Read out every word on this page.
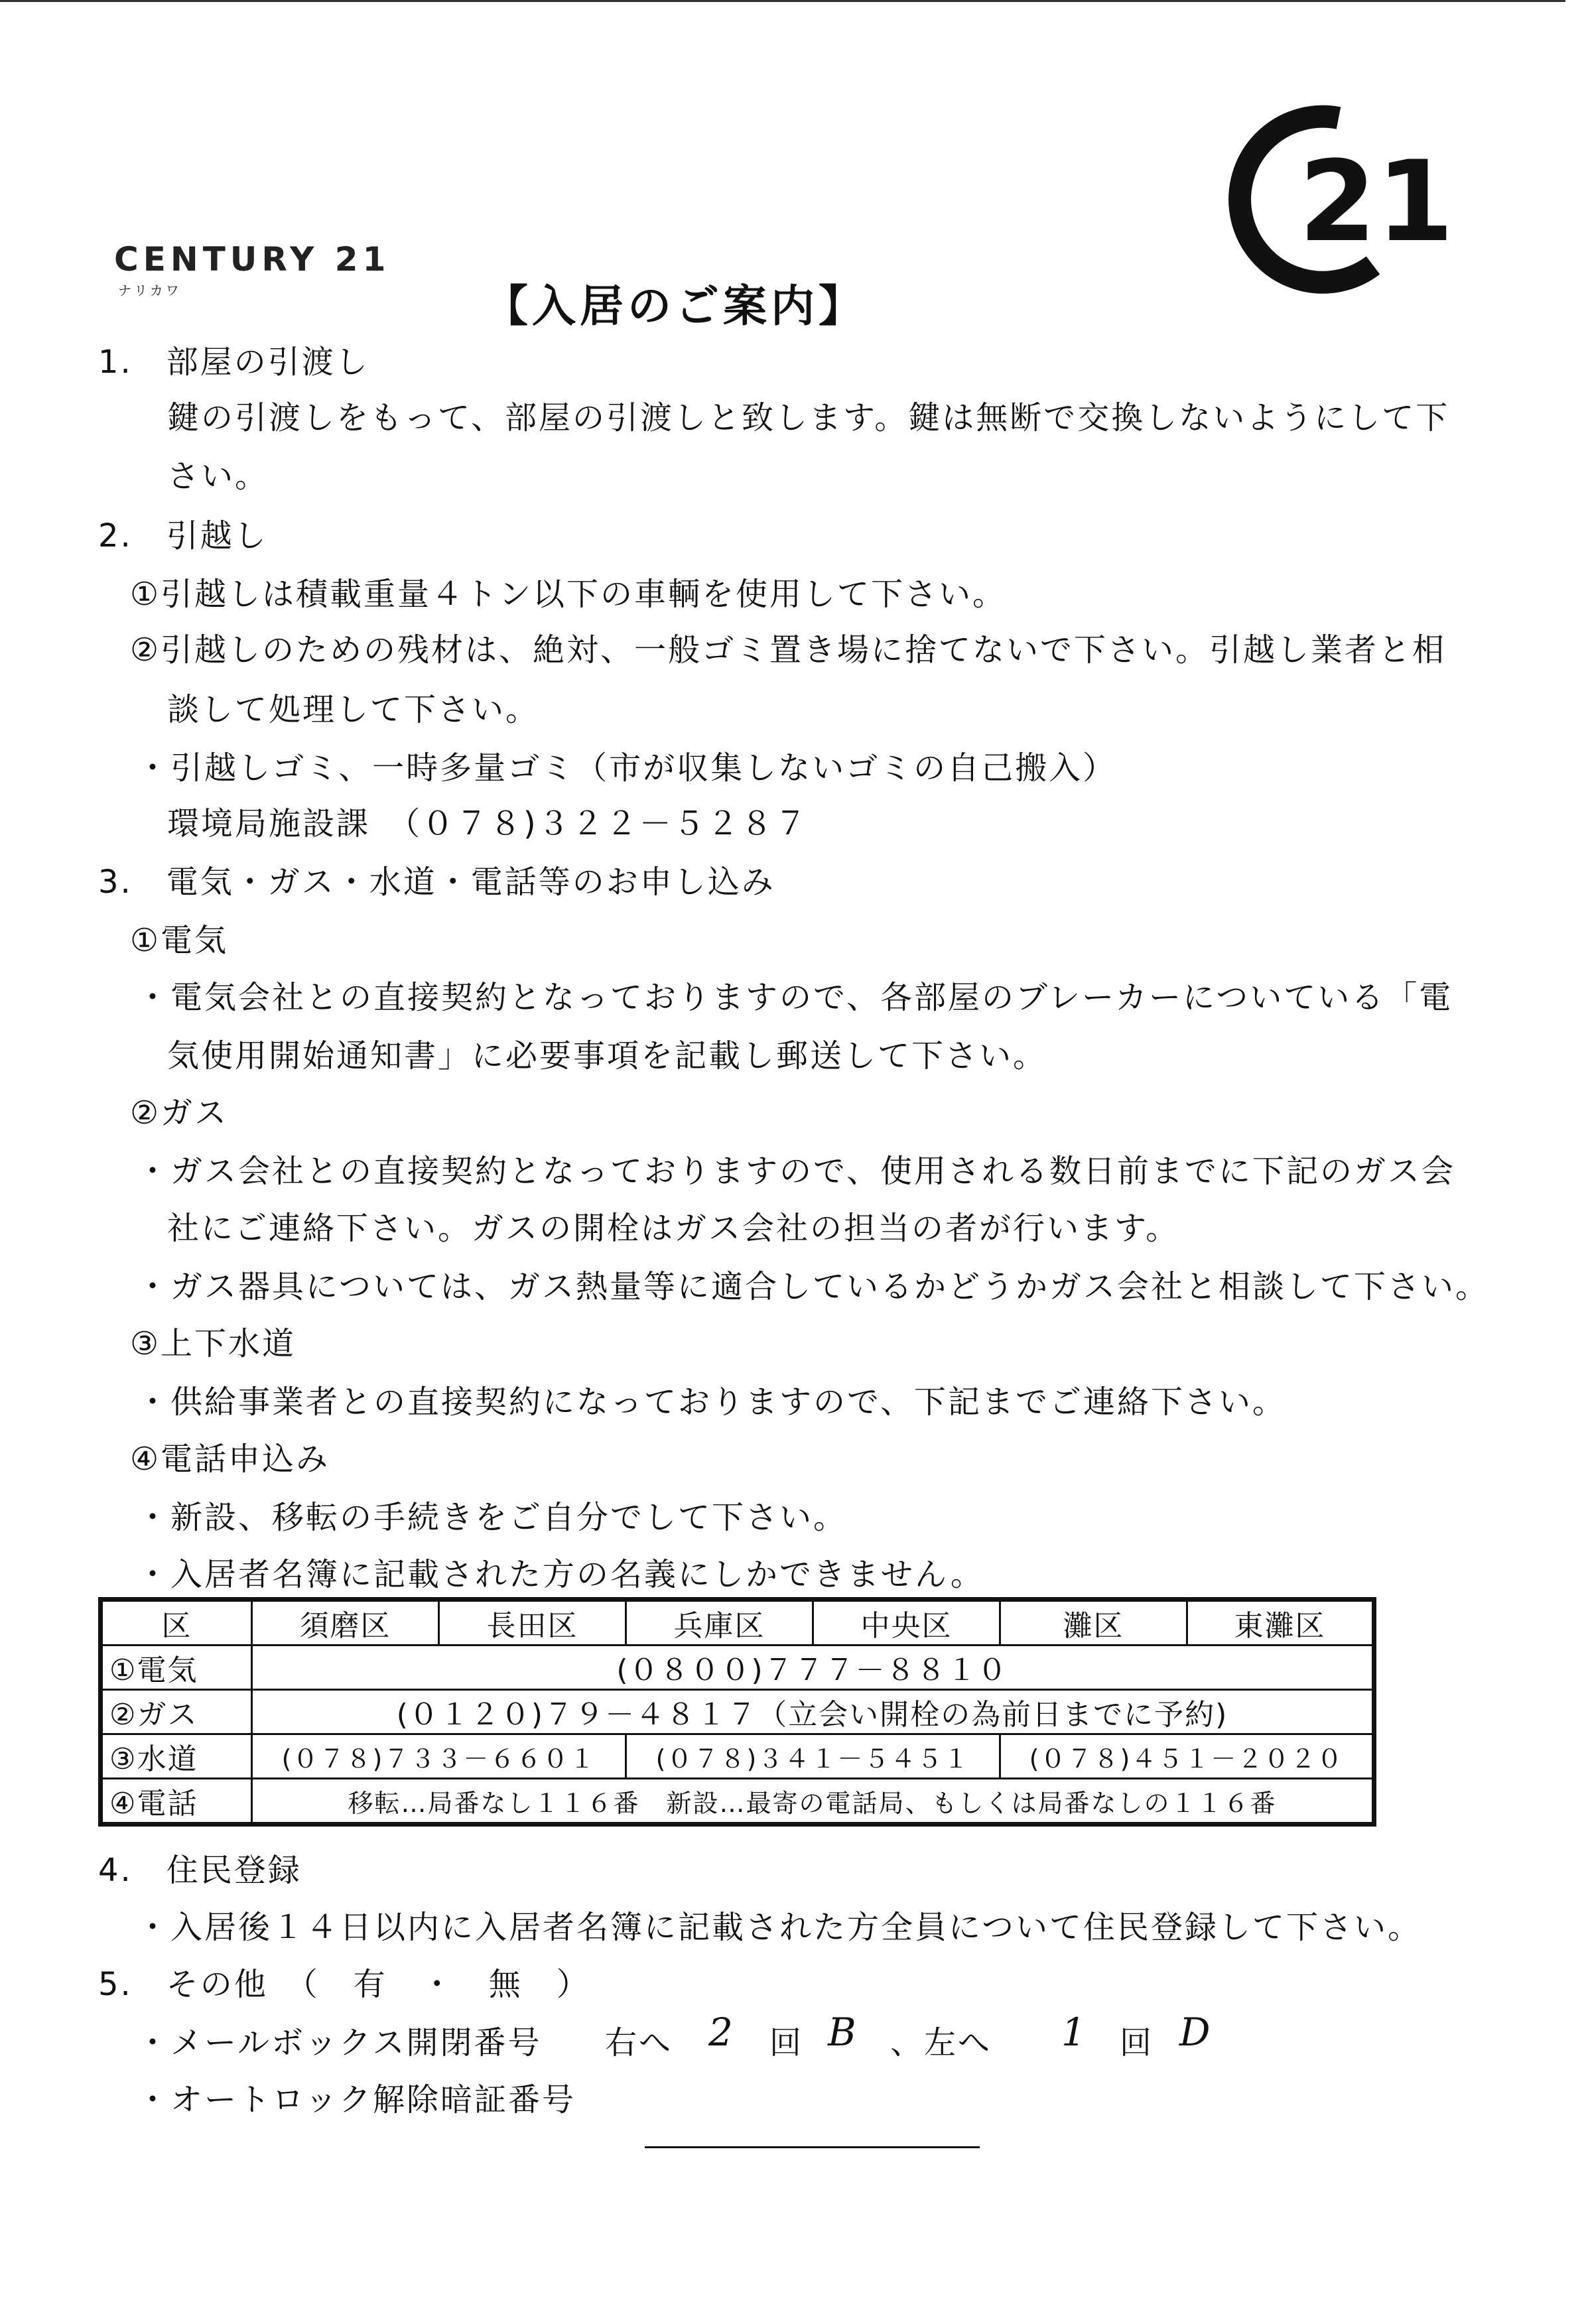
CENTURY 21
ナリカワ
21
【入居のご案内】
1.　部屋の引渡し
鍵の引渡しをもって、部屋の引渡しと致します。鍵は無断で交換しないようにして下
さい。
2.　引越し
①引越しは積載重量４トン以下の車輌を使用して下さい。
②引越しのための残材は、絶対、一般ゴミ置き場に捨てないで下さい。引越し業者と相
談して処理して下さい。
・引越しゴミ、一時多量ゴミ（市が収集しないゴミの自己搬入）
環境局施設課　（０７８)３２２－５２８７
3.　電気・ガス・水道・電話等のお申し込み
①電気
・電気会社との直接契約となっておりますので、各部屋のブレーカーについている「電
気使用開始通知書」に必要事項を記載し郵送して下さい。
②ガス
・ガス会社との直接契約となっておりますので、使用される数日前までに下記のガス会
社にご連絡下さい。ガスの開栓はガス会社の担当の者が行います。
・ガス器具については、ガス熱量等に適合しているかどうかガス会社と相談して下さい。
③上下水道
・供給事業者との直接契約になっておりますので、下記までご連絡下さい。
④電話申込み
・新設、移転の手続きをご自分でして下さい。
・入居者名簿に記載された方の名義にしかできません。
区	須磨区	長田区	兵庫区	中央区	灘区	東灘区
①電気	(０８００)７７７－８８１０					
②ガス	(０１２０)７９－４８１７（立会い開栓の為前日までに予約)					
③水道	(０７８)７３３－６６０１		(０７８)３４１－５４５１		(０７８)４５１－２０２０	
④電話	移転…局番なし１１６番　新設…最寄の電話局、もしくは局番なしの１１６番					
4.　住民登録
・入居後１４日以内に入居者名簿に記載された方全員について住民登録して下さい。
5.　その他　（　有　・　無　）
・メールボックス開閉番号 右へ 2 回 B 、左へ 1 回 D
・オートロック解除暗証番号
